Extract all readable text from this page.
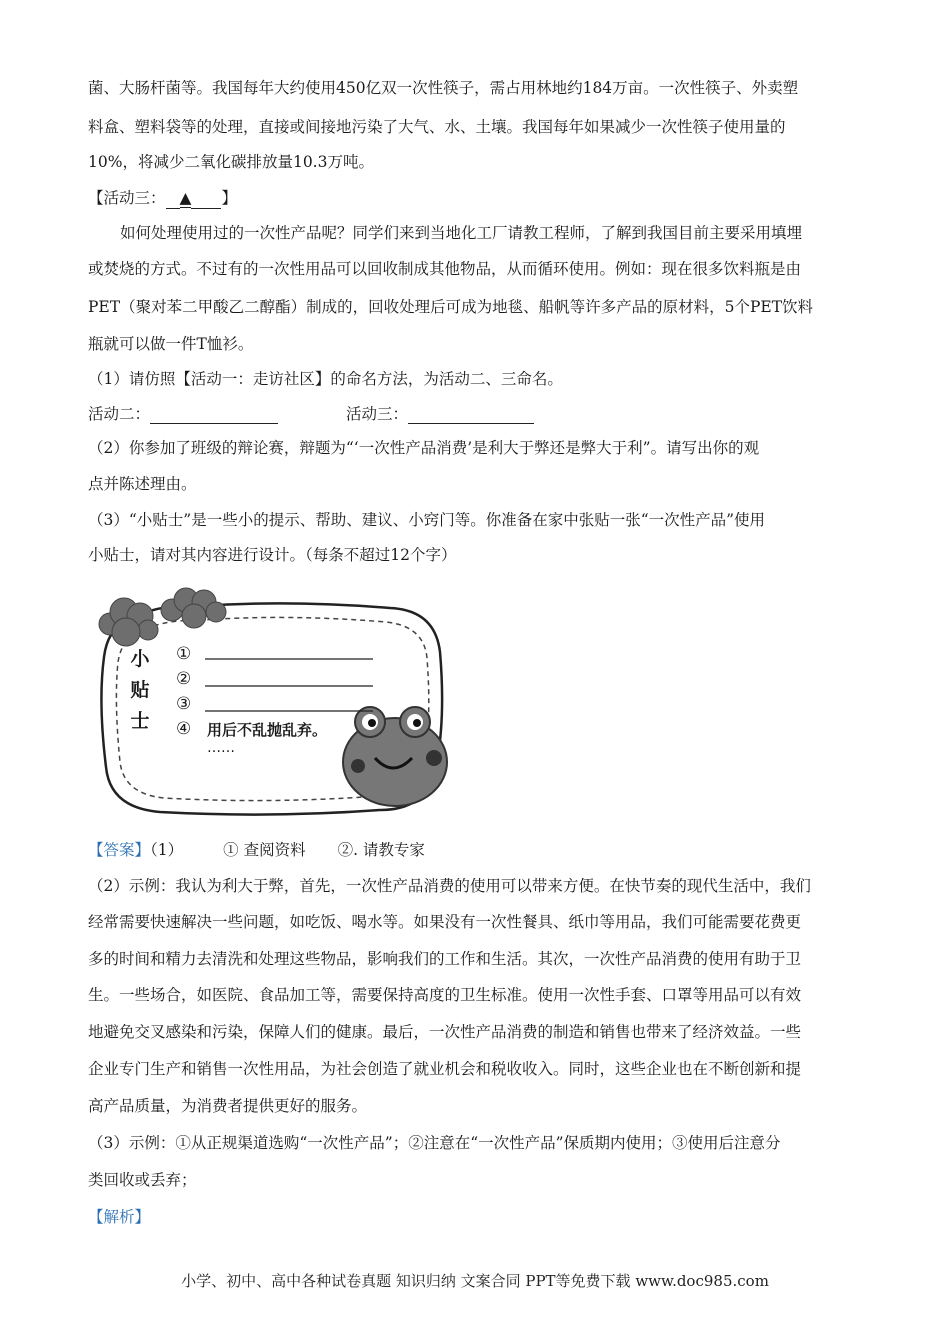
菌、大肠杆菌等。我国每年大约使用450亿双一次性筷子，需占用林地约184万亩。一次性筷子、外卖塑
料盒、塑料袋等的处理，直接或间接地污染了大气、水、土壤。我国每年如果减少一次性筷子使用量的
10%，将减少二氧化碳排放量10.3万吨。
【活动三： ▲ 】
如何处理使用过的一次性产品呢？同学们来到当地化工厂请教工程师，了解到我国目前主要采用填埋
或焚烧的方式。不过有的一次性用品可以回收制成其他物品，从而循环使用。例如：现在很多饮料瓶是由
PET（聚对苯二甲酸乙二醇酯）制成的，回收处理后可成为地毯、船帆等许多产品的原材料，5个PET饮料
瓶就可以做一件T恤衫。
（1）请仿照【活动一：走访社区】的命名方法，为活动二、三命名。
活动二：	活动三：
（2）你参加了班级的辩论赛，辩题为“‘一次性产品消费’是利大于弊还是弊大于利”。请写出你的观
点并陈述理由。
（3）“小贴士”是一些小的提示、帮助、建议、小窍门等。你准备在家中张贴一张“一次性产品”使用
小贴士，请对其内容进行设计。（每条不超过12个字）
小
贴
士
①
②
③
④ 用后不乱抛乱弃。
……
【答案】（1）	① 查阅资料 ②. 请教专家
（2）示例：我认为利大于弊，首先，一次性产品消费的使用可以带来方便。在快节奏的现代生活中，我们
经常需要快速解决一些问题，如吃饭、喝水等。如果没有一次性餐具、纸巾等用品，我们可能需要花费更
多的时间和精力去清洗和处理这些物品，影响我们的工作和生活。其次，一次性产品消费的使用有助于卫
生。一些场合，如医院、食品加工等，需要保持高度的卫生标准。使用一次性手套、口罩等用品可以有效
地避免交叉感染和污染，保障人们的健康。最后，一次性产品消费的制造和销售也带来了经济效益。一些
企业专门生产和销售一次性用品，为社会创造了就业机会和税收收入。同时，这些企业也在不断创新和提
高产品质量，为消费者提供更好的服务。
（3）示例：①从正规渠道选购“一次性产品”；②注意在“一次性产品”保质期内使用；③使用后注意分
类回收或丢弃；
【解析】
小学、初中、高中各种试卷真题 知识归纳 文案合同 PPT等免费下载 www.doc985.com
